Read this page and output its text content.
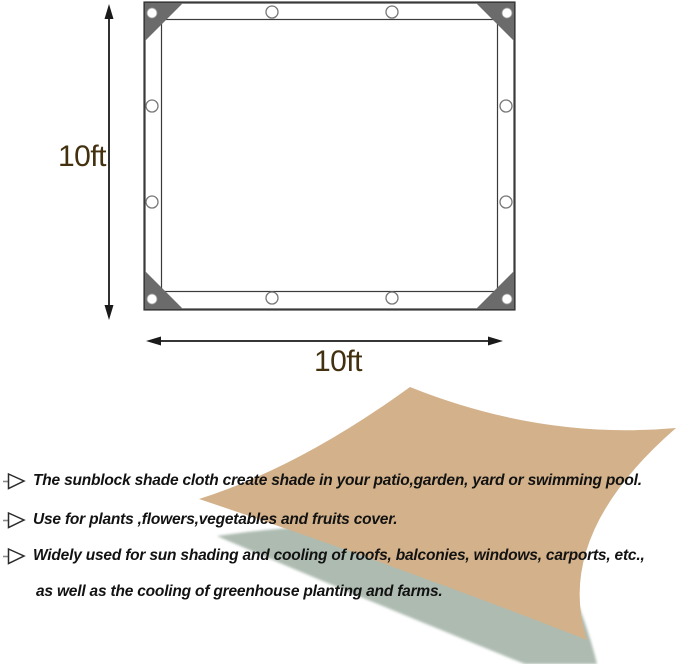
10ft
10ft
The sunblock shade cloth create shade in your patio,garden, yard or swimming pool.
Use for plants ,flowers,vegetables and fruits cover.
Widely used for sun shading and cooling of roofs, balconies, windows, carports, etc.,
as well as the cooling of greenhouse planting and farms.
